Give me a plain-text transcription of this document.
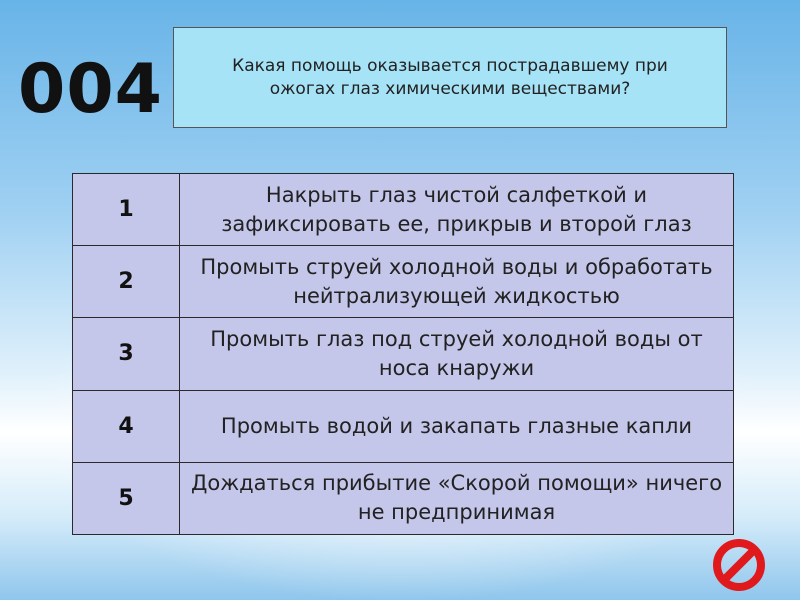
004	Какая помощь оказывается пострадавшему при ожогах глаз химическими веществами?
1	Накрыть глаз чистой салфеткой и зафиксировать ее, прикрыв и второй глаз
2	Промыть струей холодной воды и обработать нейтрализующей жидкостью
3	Промыть глаз под струей холодной воды от носа кнаружи
4	Промыть водой и закапать глазные капли
5	Дождаться прибытие «Скорой помощи» ничего не предпринимая
